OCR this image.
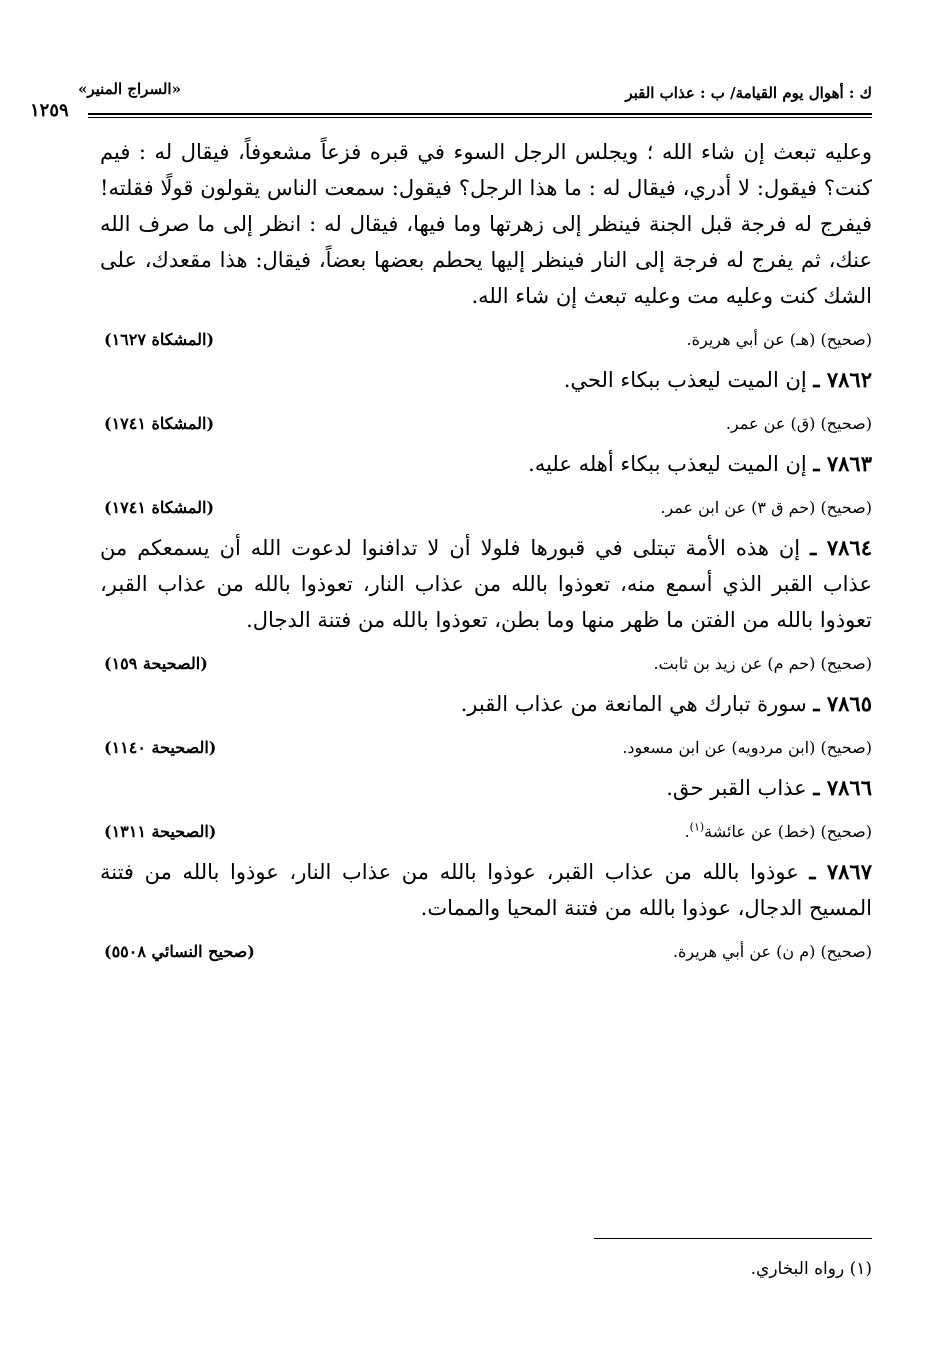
ك : أهوال يوم القيامة/ ب : عذاب القبر
«السراج المنير»
١٢٥٩

وعليه تبعث إن شاء الله ؛ ويجلس الرجل السوء في قبره فزعاً مشعوفاً، فيقال له : فيم كنت؟ فيقول: لا أدري، فيقال له : ما هذا الرجل؟ فيقول: سمعت الناس يقولون قولًا فقلته! فيفرج له فرجة قبل الجنة فينظر إلى زهرتها وما فيها، فيقال له : انظر إلى ما صرف الله عنك، ثم يفرج له فرجة إلى النار فينظر إليها يحطم بعضها بعضاً، فيقال: هذا مقعدك، على الشك كنت وعليه مت وعليه تبعث إن شاء الله.

(صحيح) (هـ) عن أبي هريرة.
(المشكاة ١٦٢٧)

٧٨٦٢ ـ إن الميت ليعذب ببكاء الحي.

(صحيح) (ق) عن عمر.
(المشكاة ١٧٤١)

٧٨٦٣ ـ إن الميت ليعذب ببكاء أهله عليه.

(صحيح) (حم ق ٣) عن ابن عمر.
(المشكاة ١٧٤١)

٧٨٦٤ ـ إن هذه الأمة تبتلى في قبورها فلولا أن لا تدافنوا لدعوت الله أن يسمعكم من عذاب القبر الذي أسمع منه، تعوذوا بالله من عذاب النار، تعوذوا بالله من عذاب القبر، تعوذوا بالله من الفتن ما ظهر منها وما بطن، تعوذوا بالله من فتنة الدجال.

(صحيح) (حم م) عن زيد بن ثابت.
(الصحيحة ١٥٩)

٧٨٦٥ ـ سورة تبارك هي المانعة من عذاب القبر.

(صحيح) (ابن مردويه) عن ابن مسعود.
(الصحيحة ١١٤٠)

٧٨٦٦ ـ عذاب القبر حق.

(صحيح) (خط) عن عائشة$^{(١)}$.
(الصحيحة ١٣١١)

٧٨٦٧ ـ عوذوا بالله من عذاب القبر، عوذوا بالله من عذاب النار، عوذوا بالله من فتنة المسيح الدجال، عوذوا بالله من فتنة المحيا والممات.

(صحيح) (م ن) عن أبي هريرة.
(صحيح النسائي ٥٥٠٨)
(١) رواه البخاري.
